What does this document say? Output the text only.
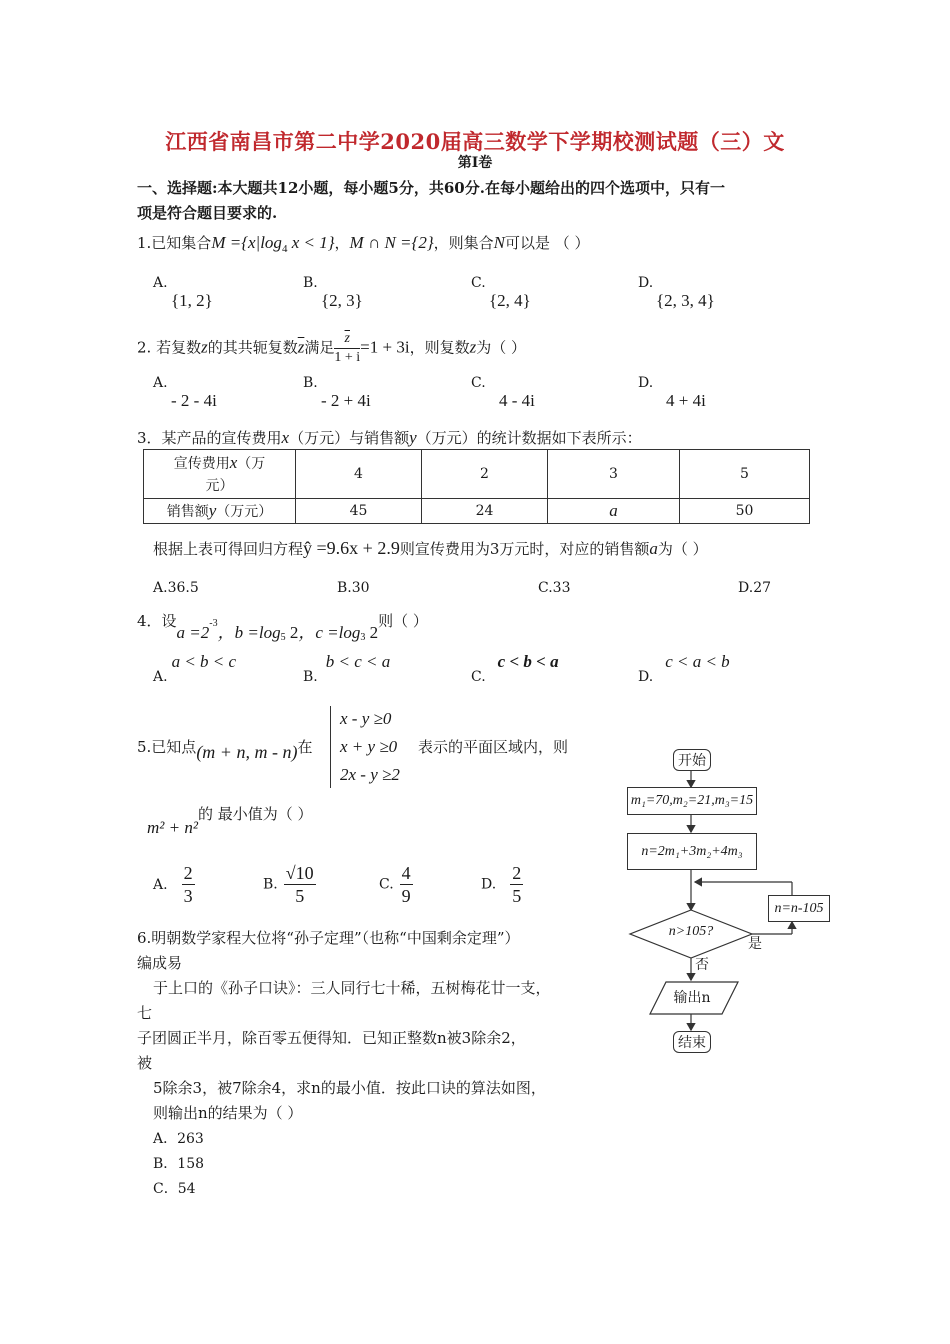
江西省南昌市第二中学2020届高三数学下学期校测试题（三）文
第I卷
一、选择题:本大题共12小题，每小题5分，共60分.在每小题给出的四个选项中，只有一
项是符合题目要求的.
1.已知集合$M =\{x|\log_4$ x < 1}，M ∩ N ={2}，则集合N可以是 （ ）
A.
{1, 2}
B.
{2, 3}
C.
{2, 4}
D.
{2, 3, 4}
2. 若复数z的其共轭复数$\overline{z}$满足 $\frac{\overline{z}}{1 + i} =1 + 3i$，则复数z为（ ）
A.
- 2 - 4i
B.
- 2 + 4i
C.
4 - 4i
D.
4 + 4i
3．某产品的宣传费用x（万元）与销售额y（万元）的统计数据如下表所示：
宣传费用x（万
元）	4	2	3	5
销售额y（万元）	45	24	a	50
根据上表可得回归方程ŷ =9.6x + 2.9则宣传费用为3万元时，对应的销售额a为（ ）
A.36.5	B.30	C.33	D.27
4．设$a =2^{-3}$，$b =\log_5$ 2，$c =\log_3$ 2则（ ）
A.a < b < c
B.b < c < a
C.c < b < a
D.c < a < b
5.已知点(m + n, m - n)在
x - y ≥0
x + y ≥0
2x - y ≥2
表示的平面区域内，则
m² + n²的 最小值为（ ）
A. $\frac{2}{3}$	B. $\frac{√10}{5}$	C. $\frac{4}{9}$	D. $\frac{2}{5}$
6.明朝数学家程大位将“孙子定理”（也称“中国剩余定理”）
编成易
于上口的《孙子口诀》：三人同行七十稀，五树梅花廿一支，
七
子团圆正半月，除百零五便得知．已知正整数n被3除余2，
被
5除余3，被7除余4，求n的最小值．按此口诀的算法如图，
则输出n的结果为（ ）
A．263
B．158
C．54
开始
m₁=70,m₂=21,m₃=15
n=2m₁+3m₂+4m₃
n=n-105
n>105?
是
否
输出n
结束
